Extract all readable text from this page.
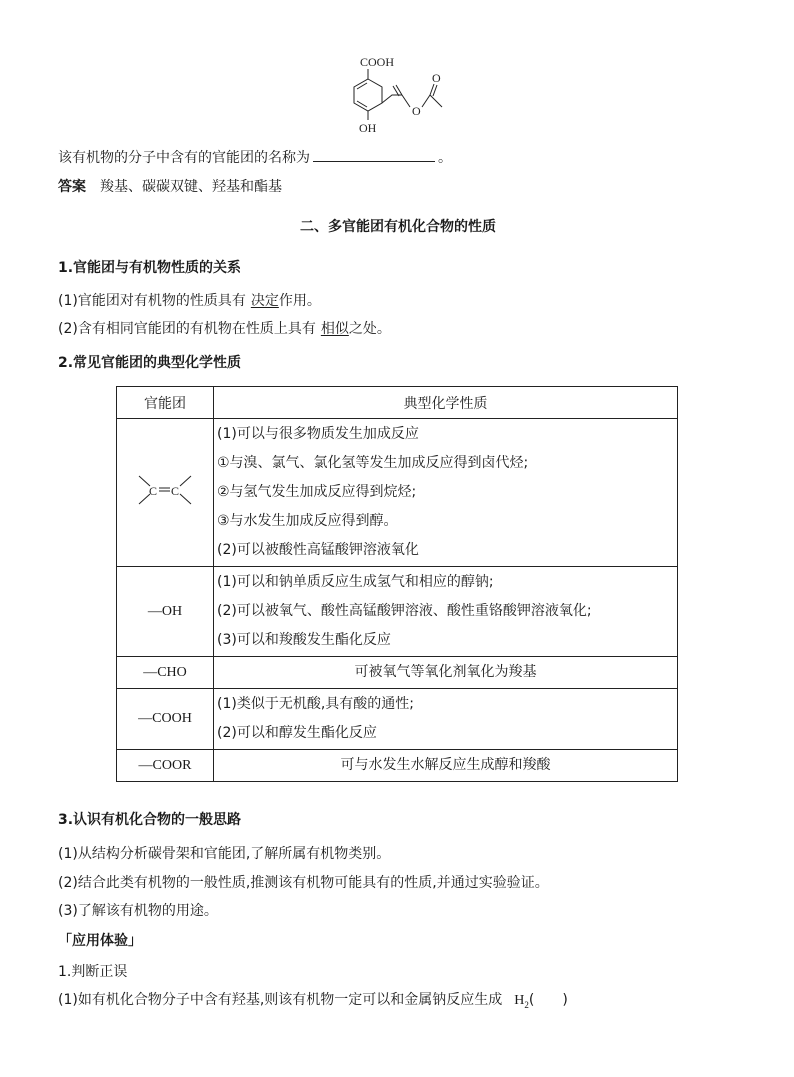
COOH
OH
O
O
该有机物的分子中含有的官能团的名称为	。
答案 羧基、碳碳双键、羟基和酯基
二、多官能团有机化合物的性质
1.官能团与有机物性质的关系
(1)官能团对有机物的性质具有 决定作用。
(2)含有相同官能团的有机物在性质上具有 相似之处。
2.常见官能团的典型化学性质
官能团	典型化学性质

C C	(1)可以与很多物质发生加成反应
①与溴、氯气、氯化氢等发生加成反应得到卤代烃;
②与氢气发生加成反应得到烷烃;
③与水发生加成反应得到醇。
(2)可以被酸性高锰酸钾溶液氧化

—OH	(1)可以和钠单质反应生成氢气和相应的醇钠;
(2)可以被氧气、酸性高锰酸钾溶液、酸性重铬酸钾溶液氧化;
(3)可以和羧酸发生酯化反应

—CHO	可被氧气等氧化剂氧化为羧基
—COOH	(1)类似于无机酸,具有酸的通性;
(2)可以和醇发生酯化反应

—COOR	可与水发生水解反应生成醇和羧酸
3.认识有机化合物的一般思路
(1)从结构分析碳骨架和官能团,了解所属有机物类别。
(2)结合此类有机物的一般性质,推测该有机物可能具有的性质,并通过实验验证。
(3)了解该有机物的用途。
「应用体验」
1.判断正误
(1)如有机化合物分子中含有羟基,则该有机物一定可以和金属钠反应生成 $H_2$(　　)
